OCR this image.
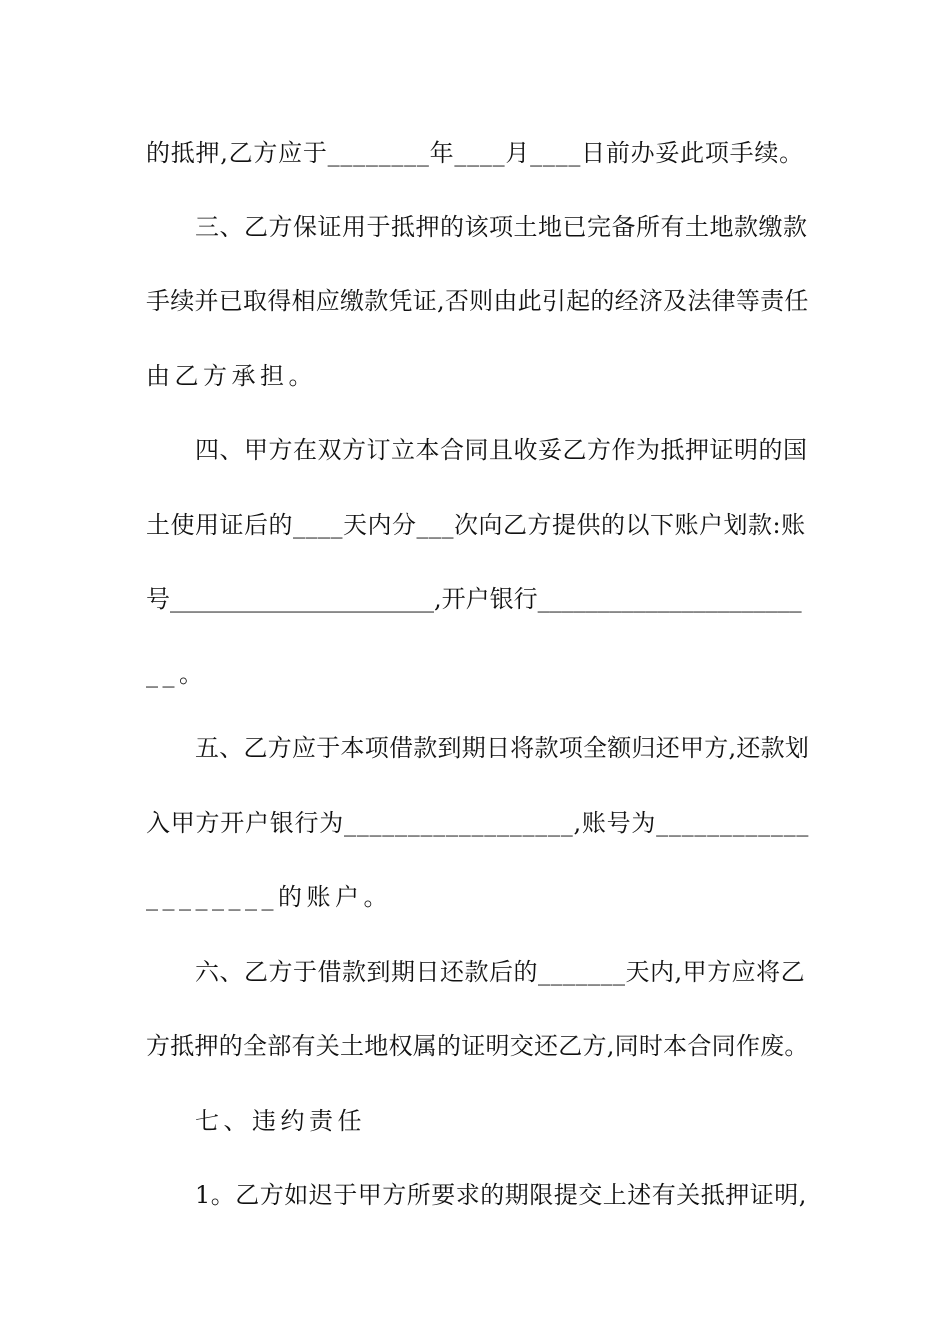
的抵押,乙方应于________年____月____日前办妥此项手续。
三、乙方保证用于抵押的该项土地已完备所有土地款缴款
手续并已取得相应缴款凭证,否则由此引起的经济及法律等责任
由乙方承担。
四、甲方在双方订立本合同且收妥乙方作为抵押证明的国
土使用证后的____天内分___次向乙方提供的以下账户划款:账
号______________________,开户银行______________________
__。
五、乙方应于本项借款到期日将款项全额归还甲方,还款划
入甲方开户银行为__________________,账号为____________
________的账户。
六、乙方于借款到期日还款后的_______天内,甲方应将乙
方抵押的全部有关土地权属的证明交还乙方,同时本合同作废。
七、违约责任
1。乙方如迟于甲方所要求的期限提交上述有关抵押证明,
